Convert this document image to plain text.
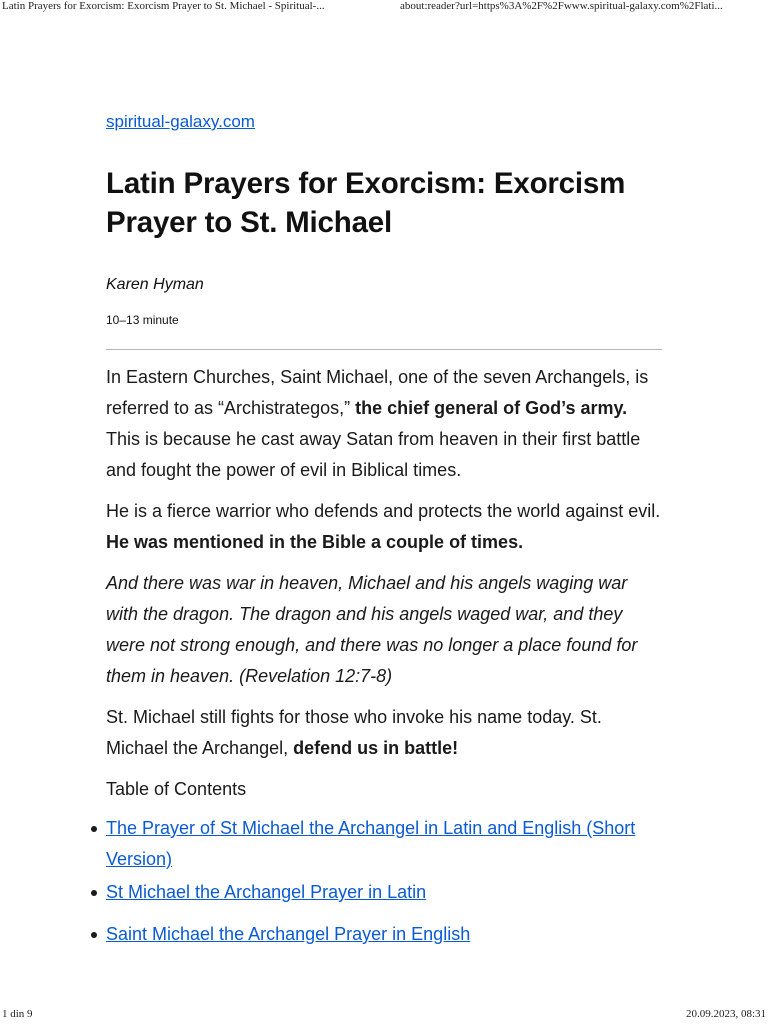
Latin Prayers for Exorcism: Exorcism Prayer to St. Michael - Spiritual-...	about:reader?url=https%3A%2F%2Fwww.spiritual-galaxy.com%2Flati...
spiritual-galaxy.com
Latin Prayers for Exorcism: Exorcism Prayer to St. Michael
Karen Hyman
10–13 minute

In Eastern Churches, Saint Michael, one of the seven Archangels, is referred to as “Archistrategos,” the chief general of God’s army. This is because he cast away Satan from heaven in their first battle and fought the power of evil in Biblical times.

He is a fierce warrior who defends and protects the world against evil. He was mentioned in the Bible a couple of times.

And there was war in heaven, Michael and his angels waging war with the dragon. The dragon and his angels waged war, and they were not strong enough, and there was no longer a place found for them in heaven. (Revelation 12:7-8)

St. Michael still fights for those who invoke his name today. St. Michael the Archangel, defend us in battle!

Table of Contents

The Prayer of St Michael the Archangel in Latin and English (Short Version)
St Michael the Archangel Prayer in Latin
Saint Michael the Archangel Prayer in English
1 din 9	20.09.2023, 08:31
